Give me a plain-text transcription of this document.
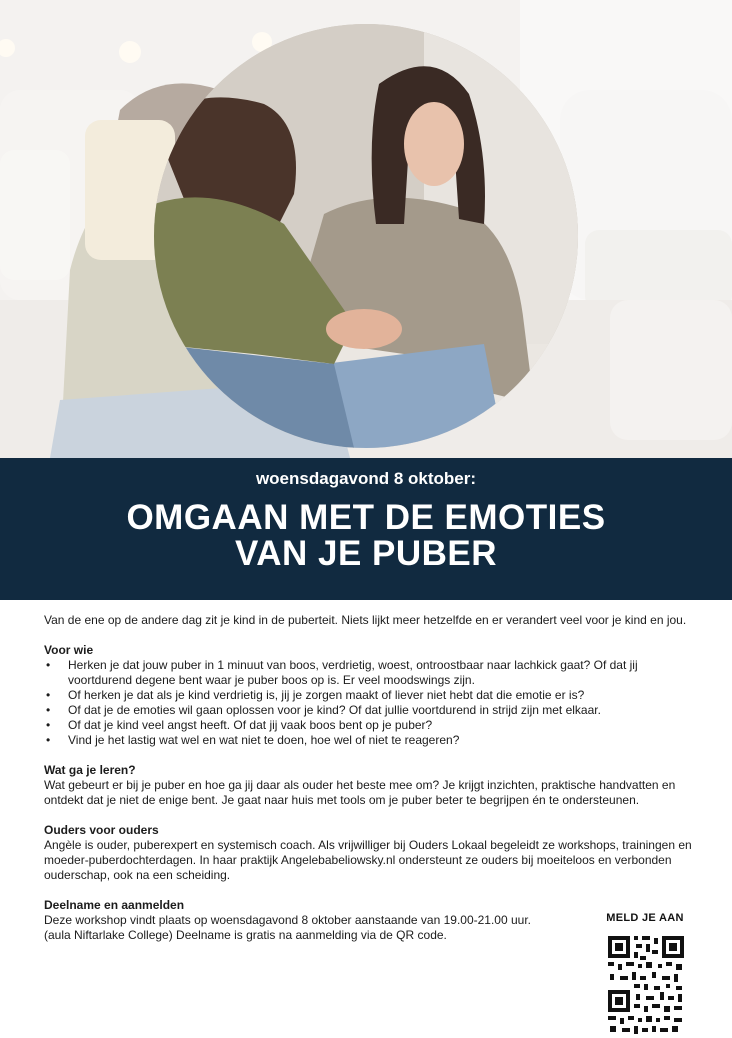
woensdagavond 8 oktober:
OMGAAN MET DE EMOTIES
VAN JE PUBER

Van de ene op de andere dag zit je kind in de puberteit. Niets lijkt meer hetzelfde en er verandert veel voor je kind en jou.

Voor wie
• Herken je dat jouw puber in 1 minuut van boos, verdrietig, woest, ontroostbaar naar lachkick gaat? Of dat jij voortdurend degene bent waar je puber boos op is. Er veel moodswings zijn.
• Of herken je dat als je kind verdrietig is, jij je zorgen maakt of liever niet hebt dat die emotie er is?
• Of dat je de emoties wil gaan oplossen voor je kind? Of dat jullie voortdurend in strijd zijn met elkaar.
• Of dat je kind veel angst heeft. Of dat jij vaak boos bent op je puber?
• Vind je het lastig wat wel en wat niet te doen, hoe wel of niet te reageren?
Wat ga je leren?

Wat gebeurt er bij je puber en hoe ga jij daar als ouder het beste mee om? Je krijgt inzichten, praktische handvatten en ontdekt dat je niet de enige bent. Je gaat naar huis met tools om je puber beter te begrijpen én te ondersteunen.

Ouders voor ouders

Angèle is ouder, puberexpert en systemisch coach. Als vrijwilliger bij Ouders Lokaal begeleidt ze workshops, trainingen en moeder-puberdochterdagen. In haar praktijk Angelebabeliowsky.nl ondersteunt ze ouders bij moeiteloos en verbonden ouderschap, ook na een scheiding.

Deelname en aanmelden

Deze workshop vindt plaats op woensdagavond 8 oktober aanstaande van 19.00-21.00 uur.

(aula Niftarlake College) Deelname is gratis na aanmelding via de QR code.

MELD JE AAN
